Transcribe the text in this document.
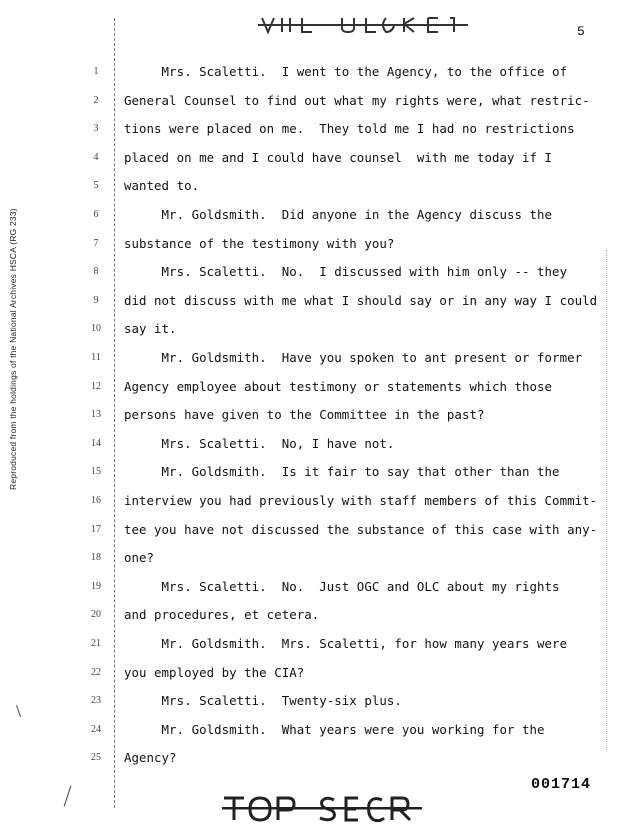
Reproduced from the holdings of the National Archives HSCA (RG 233)
5
1	Mrs. Scaletti.  I went to the Agency, to the office of
2	General Counsel to find out what my rights were, what restric-
3	tions were placed on me.  They told me I had no restrictions
4	placed on me and I could have counsel  with me today if I
5	wanted to.
6	Mr. Goldsmith.  Did anyone in the Agency discuss the
7	substance of the testimony with you?
8	Mrs. Scaletti.  No.  I discussed with him only -- they
9	did not discuss with me what I should say or in any way I could
10	say it.
11	Mr. Goldsmith.  Have you spoken to ant present or former
12	Agency employee about testimony or statements which those
13	persons have given to the Committee in the past?
14	Mrs. Scaletti.  No, I have not.
15	Mr. Goldsmith.  Is it fair to say that other than the
16	interview you had previously with staff members of this Commit-
17	tee you have not discussed the substance of this case with any-
18	one?
19	Mrs. Scaletti.  No.  Just OGC and OLC about my rights
20	and procedures, et cetera.
21	Mr. Goldsmith.  Mrs. Scaletti, for how many years were
22	you employed by the CIA?
23	Mrs. Scaletti.  Twenty-six plus.
24	Mr. Goldsmith.  What years were you working for the
25	Agency?
001714
